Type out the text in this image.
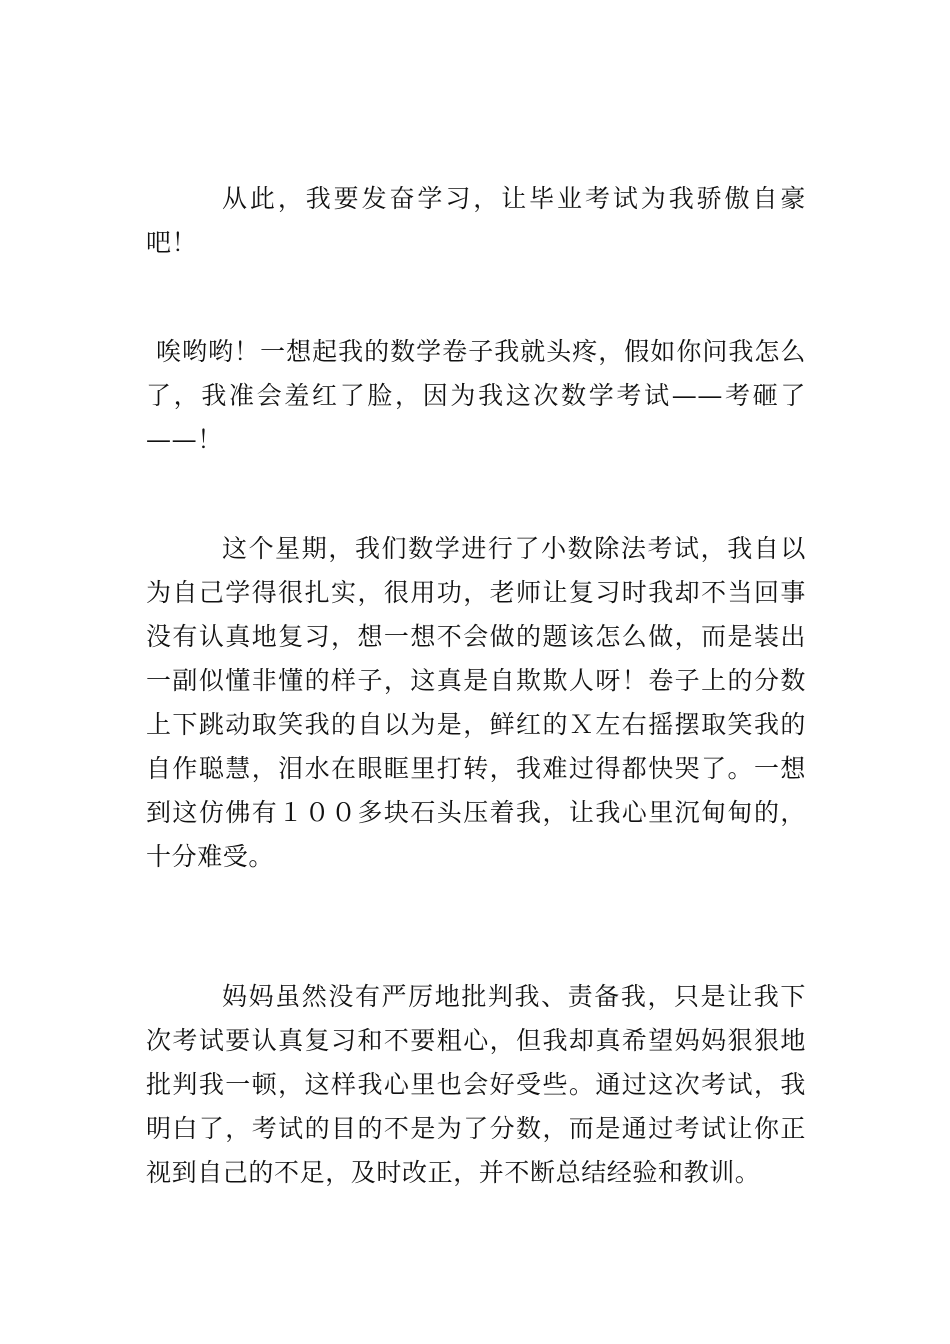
从此，我要发奋学习，让毕业考试为我骄傲自豪吧！

唉哟哟！一想起我的数学卷子我就头疼，假如你问我怎么了，我准会羞红了脸，因为我这次数学考试——考砸了——！

这个星期，我们数学进行了小数除法考试，我自以为自己学得很扎实，很用功，老师让复习时我却不当回事没有认真地复习，想一想不会做的题该怎么做，而是装出一副似懂非懂的样子，这真是自欺欺人呀！卷子上的分数上下跳动取笑我的自以为是，鲜红的Ｘ左右摇摆取笑我的自作聪慧，泪水在眼眶里打转，我难过得都快哭了。一想到这仿佛有１００多块石头压着我，让我心里沉甸甸的，十分难受。

妈妈虽然没有严厉地批判我、责备我，只是让我下次考试要认真复习和不要粗心，但我却真希望妈妈狠狠地批判我一顿，这样我心里也会好受些。通过这次考试，我明白了，考试的目的不是为了分数，而是通过考试让你正视到自己的不足，及时改正，并不断总结经验和教训。
